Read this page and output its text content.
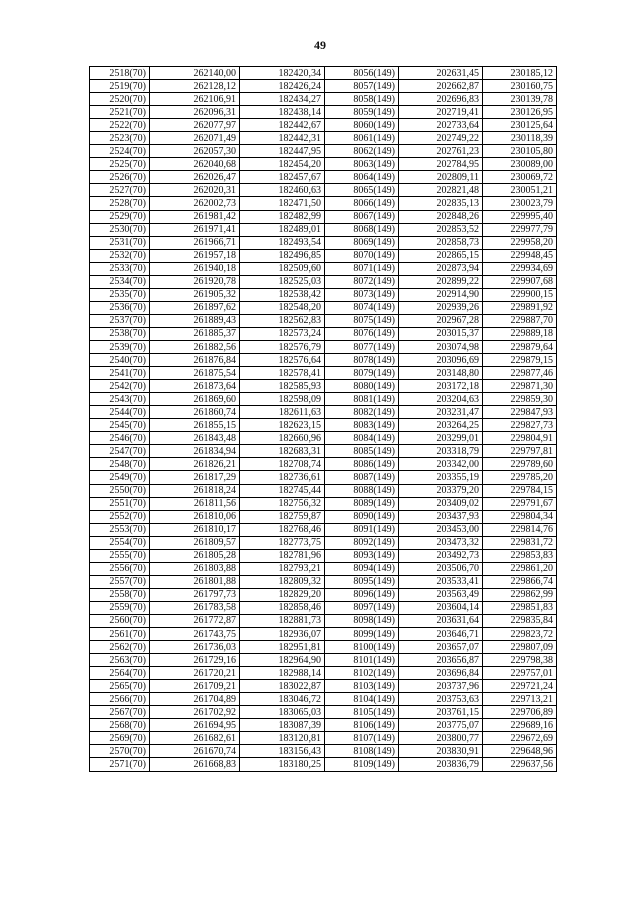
49
2518(70)	262140,00	182420,34	8056(149)	202631,45	230185,12
2519(70)	262128,12	182426,24	8057(149)	202662,87	230160,75
2520(70)	262106,91	182434,27	8058(149)	202696,83	230139,78
2521(70)	262096,31	182438,14	8059(149)	202719,41	230126,95
2522(70)	262077,97	182442,67	8060(149)	202733,64	230125,64
2523(70)	262071,49	182442,31	8061(149)	202749,22	230118,39
2524(70)	262057,30	182447,95	8062(149)	202761,23	230105,80
2525(70)	262040,68	182454,20	8063(149)	202784,95	230089,00
2526(70)	262026,47	182457,67	8064(149)	202809,11	230069,72
2527(70)	262020,31	182460,63	8065(149)	202821,48	230051,21
2528(70)	262002,73	182471,50	8066(149)	202835,13	230023,79
2529(70)	261981,42	182482,99	8067(149)	202848,26	229995,40
2530(70)	261971,41	182489,01	8068(149)	202853,52	229977,79
2531(70)	261966,71	182493,54	8069(149)	202858,73	229958,20
2532(70)	261957,18	182496,85	8070(149)	202865,15	229948,45
2533(70)	261940,18	182509,60	8071(149)	202873,94	229934,69
2534(70)	261920,78	182525,03	8072(149)	202899,22	229907,68
2535(70)	261905,32	182538,42	8073(149)	202914,90	229900,15
2536(70)	261897,62	182548,20	8074(149)	202939,26	229891,92
2537(70)	261889,43	182562,83	8075(149)	202967,28	229887,70
2538(70)	261885,37	182573,24	8076(149)	203015,37	229889,18
2539(70)	261882,56	182576,79	8077(149)	203074,98	229879,64
2540(70)	261876,84	182576,64	8078(149)	203096,69	229879,15
2541(70)	261875,54	182578,41	8079(149)	203148,80	229877,46
2542(70)	261873,64	182585,93	8080(149)	203172,18	229871,30
2543(70)	261869,60	182598,09	8081(149)	203204,63	229859,30
2544(70)	261860,74	182611,63	8082(149)	203231,47	229847,93
2545(70)	261855,15	182623,15	8083(149)	203264,25	229827,73
2546(70)	261843,48	182660,96	8084(149)	203299,01	229804,91
2547(70)	261834,94	182683,31	8085(149)	203318,79	229797,81
2548(70)	261826,21	182708,74	8086(149)	203342,00	229789,60
2549(70)	261817,29	182736,61	8087(149)	203355,19	229785,20
2550(70)	261818,24	182745,44	8088(149)	203379,20	229784,15
2551(70)	261811,56	182756,32	8089(149)	203409,02	229791,67
2552(70)	261810,06	182759,87	8090(149)	203437,93	229804,34
2553(70)	261810,17	182768,46	8091(149)	203453,00	229814,76
2554(70)	261809,57	182773,75	8092(149)	203473,32	229831,72
2555(70)	261805,28	182781,96	8093(149)	203492,73	229853,83
2556(70)	261803,88	182793,21	8094(149)	203506,70	229861,20
2557(70)	261801,88	182809,32	8095(149)	203533,41	229866,74
2558(70)	261797,73	182829,20	8096(149)	203563,49	229862,99
2559(70)	261783,58	182858,46	8097(149)	203604,14	229851,83
2560(70)	261772,87	182881,73	8098(149)	203631,64	229835,84
2561(70)	261743,75	182936,07	8099(149)	203646,71	229823,72
2562(70)	261736,03	182951,81	8100(149)	203657,07	229807,09
2563(70)	261729,16	182964,90	8101(149)	203656,87	229798,38
2564(70)	261720,21	182988,14	8102(149)	203696,84	229757,01
2565(70)	261709,21	183022,87	8103(149)	203737,96	229721,24
2566(70)	261704,89	183046,72	8104(149)	203753,63	229713,21
2567(70)	261702,92	183065,03	8105(149)	203761,15	229706,89
2568(70)	261694,95	183087,39	8106(149)	203775,07	229689,16
2569(70)	261682,61	183120,81	8107(149)	203800,77	229672,69
2570(70)	261670,74	183156,43	8108(149)	203830,91	229648,96
2571(70)	261668,83	183180,25	8109(149)	203836,79	229637,56
